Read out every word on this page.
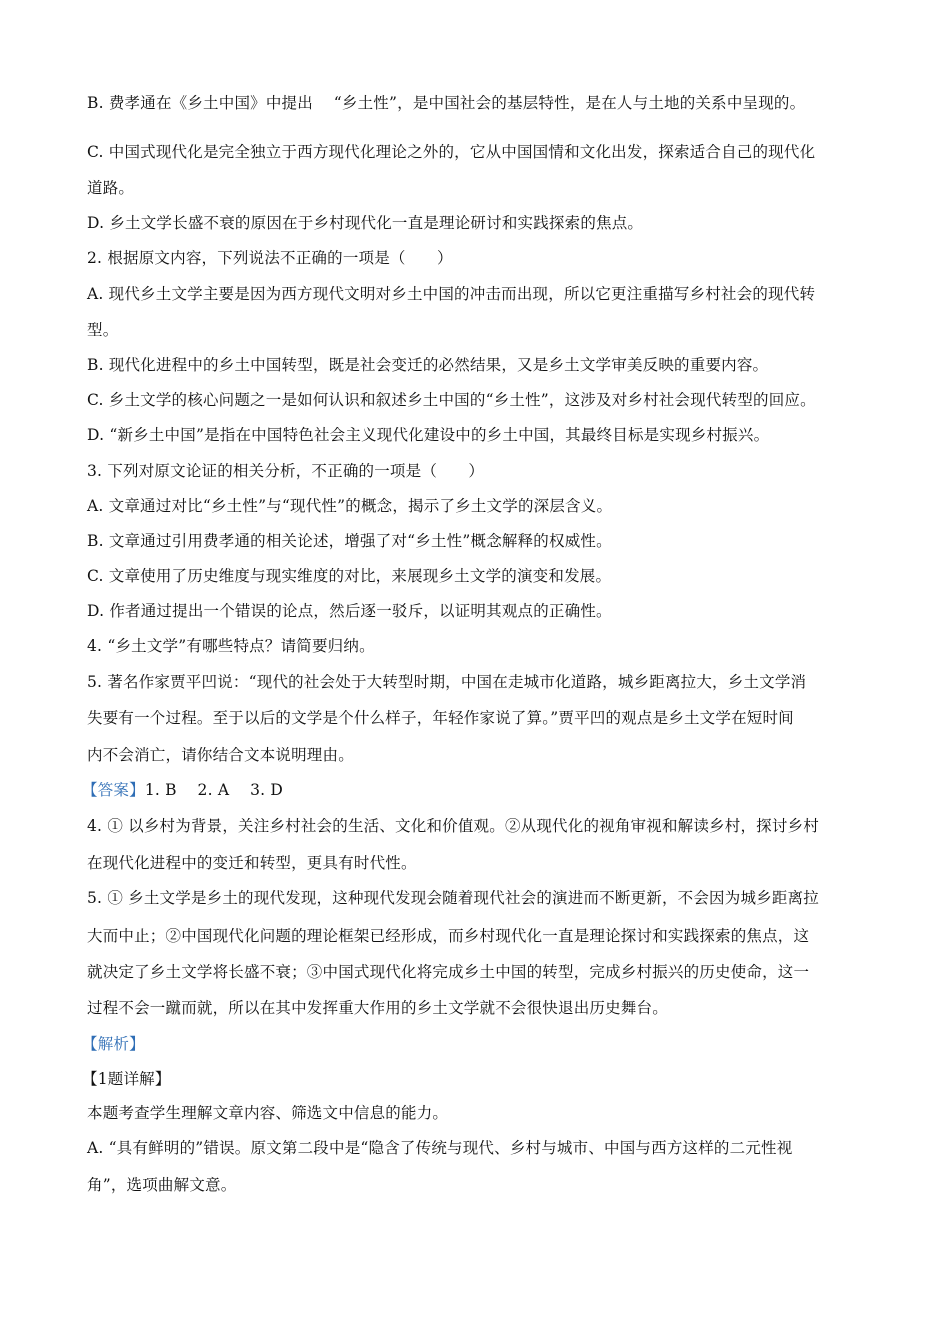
B. 费孝通在《乡土中国》中提出 　“乡土性”，是中国社会的基层特性，是在人与土地的关系中呈现的。
C. 中国式现代化是完全独立于西方现代化理论之外的，它从中国国情和文化出发，探索适合自己的现代化
道路。
D. 乡土文学长盛不衰的原因在于乡村现代化一直是理论研讨和实践探索的焦点。
2. 根据原文内容，下列说法不正确的一项是（　　）
A. 现代乡土文学主要是因为西方现代文明对乡土中国的冲击而出现，所以它更注重描写乡村社会的现代转
型。
B. 现代化进程中的乡土中国转型，既是社会变迁的必然结果，又是乡土文学审美反映的重要内容。
C. 乡土文学的核心问题之一是如何认识和叙述乡土中国的“乡土性”，这涉及对乡村社会现代转型的回应。
D. “新乡土中国”是指在中国特色社会主义现代化建设中的乡土中国，其最终目标是实现乡村振兴。
3. 下列对原文论证的相关分析，不正确的一项是（　　）
A. 文章通过对比“乡土性”与“现代性”的概念，揭示了乡土文学的深层含义。
B. 文章通过引用费孝通的相关论述，增强了对“乡土性”概念解释的权威性。
C. 文章使用了历史维度与现实维度的对比，来展现乡土文学的演变和发展。
D. 作者通过提出一个错误的论点，然后逐一驳斥，以证明其观点的正确性。
4. “乡土文学”有哪些特点？请简要归纳。
5. 著名作家贾平凹说：“现代的社会处于大转型时期，中国在走城市化道路，城乡距离拉大，乡土文学消
失要有一个过程。至于以后的文学是个什么样子，年轻作家说了算。”贾平凹的观点是乡土文学在短时间
内不会消亡，请你结合文本说明理由。
【答案】1. B　 2. A　 3. D
4. ① 以乡村为背景，关注乡村社会的生活、文化和价值观。②从现代化的视角审视和解读乡村，探讨乡村
在现代化进程中的变迁和转型，更具有时代性。
5. ① 乡土文学是乡土的现代发现，这种现代发现会随着现代社会的演进而不断更新，不会因为城乡距离拉
大而中止；②中国现代化问题的理论框架已经形成，而乡村现代化一直是理论探讨和实践探索的焦点，这
就决定了乡土文学将长盛不衰；③中国式现代化将完成乡土中国的转型，完成乡村振兴的历史使命，这一
过程不会一蹴而就，所以在其中发挥重大作用的乡土文学就不会很快退出历史舞台。
【解析】
【1题详解】
本题考查学生理解文章内容、筛选文中信息的能力。
A. “具有鲜明的”错误。原文第二段中是“隐含了传统与现代、乡村与城市、中国与西方这样的二元性视
角”，选项曲解文意。
